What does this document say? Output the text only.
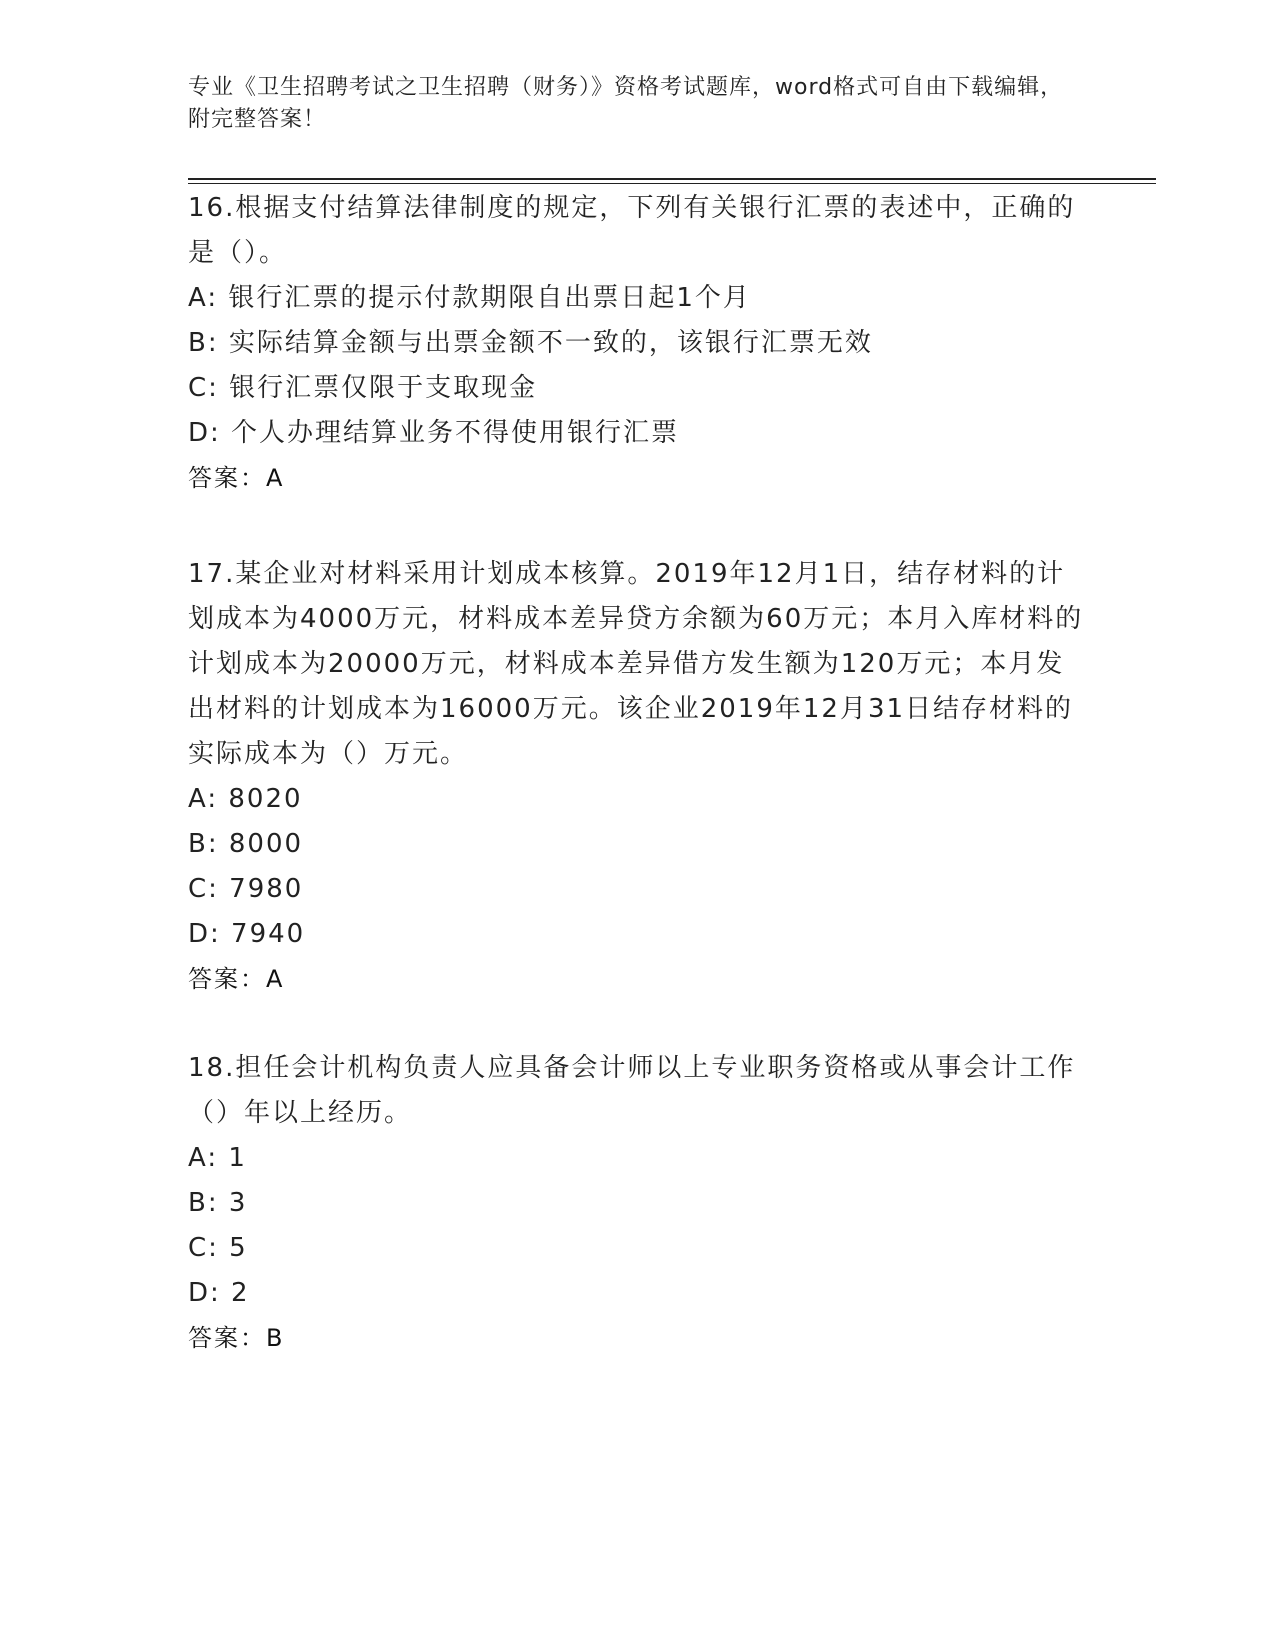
专业《卫生招聘考试之卫生招聘（财务）》资格考试题库，word格式可自由下载编辑，附完整答案！

16.根据支付结算法律制度的规定，下列有关银行汇票的表述中，正确的是（）。

A: 银行汇票的提示付款期限自出票日起1个月

B: 实际结算金额与出票金额不一致的，该银行汇票无效

C: 银行汇票仅限于支取现金

D: 个人办理结算业务不得使用银行汇票

答案：A

17.某企业对材料采用计划成本核算。2019年12月1日，结存材料的计划成本为4000万元，材料成本差异贷方余额为60万元；本月入库材料的计划成本为20000万元，材料成本差异借方发生额为120万元；本月发出材料的计划成本为16000万元。该企业2019年12月31日结存材料的实际成本为（）万元。

A: 8020

B: 8000

C: 7980

D: 7940

答案：A

18.担任会计机构负责人应具备会计师以上专业职务资格或从事会计工作（）年以上经历。

A: 1

B: 3

C: 5

D: 2

答案：B
